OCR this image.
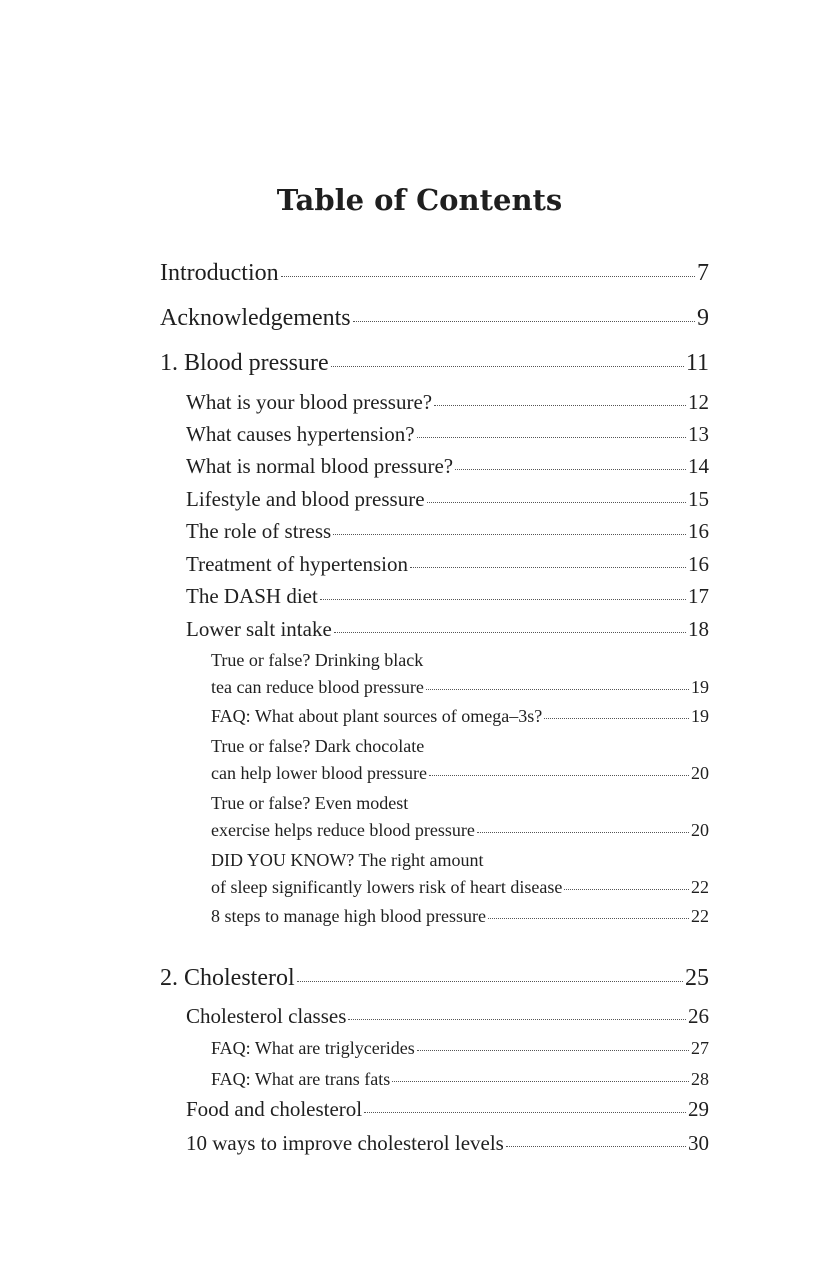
Table of Contents
Introduction	7
Acknowledgements	9
1. Blood pressure	11
What is your blood pressure?	12
What causes hypertension?	13
What is normal blood pressure?	14
Lifestyle and blood pressure	15
The role of stress	16
Treatment of hypertension	16
The DASH diet	17
Lower salt intake	18
True or false? Drinking black
tea can reduce blood pressure	19
FAQ: What about plant sources of omega–3s?	19
True or false? Dark chocolate
can help lower blood pressure	20
True or false? Even modest
exercise helps reduce blood pressure	20
DID YOU KNOW? The right amount
of sleep significantly lowers risk of heart disease	22
8 steps to manage high blood pressure	22
2. Cholesterol	25
Cholesterol classes	26
FAQ: What are triglycerides	27
FAQ: What are trans fats	28
Food and cholesterol	29
10 ways to improve cholesterol levels	30
